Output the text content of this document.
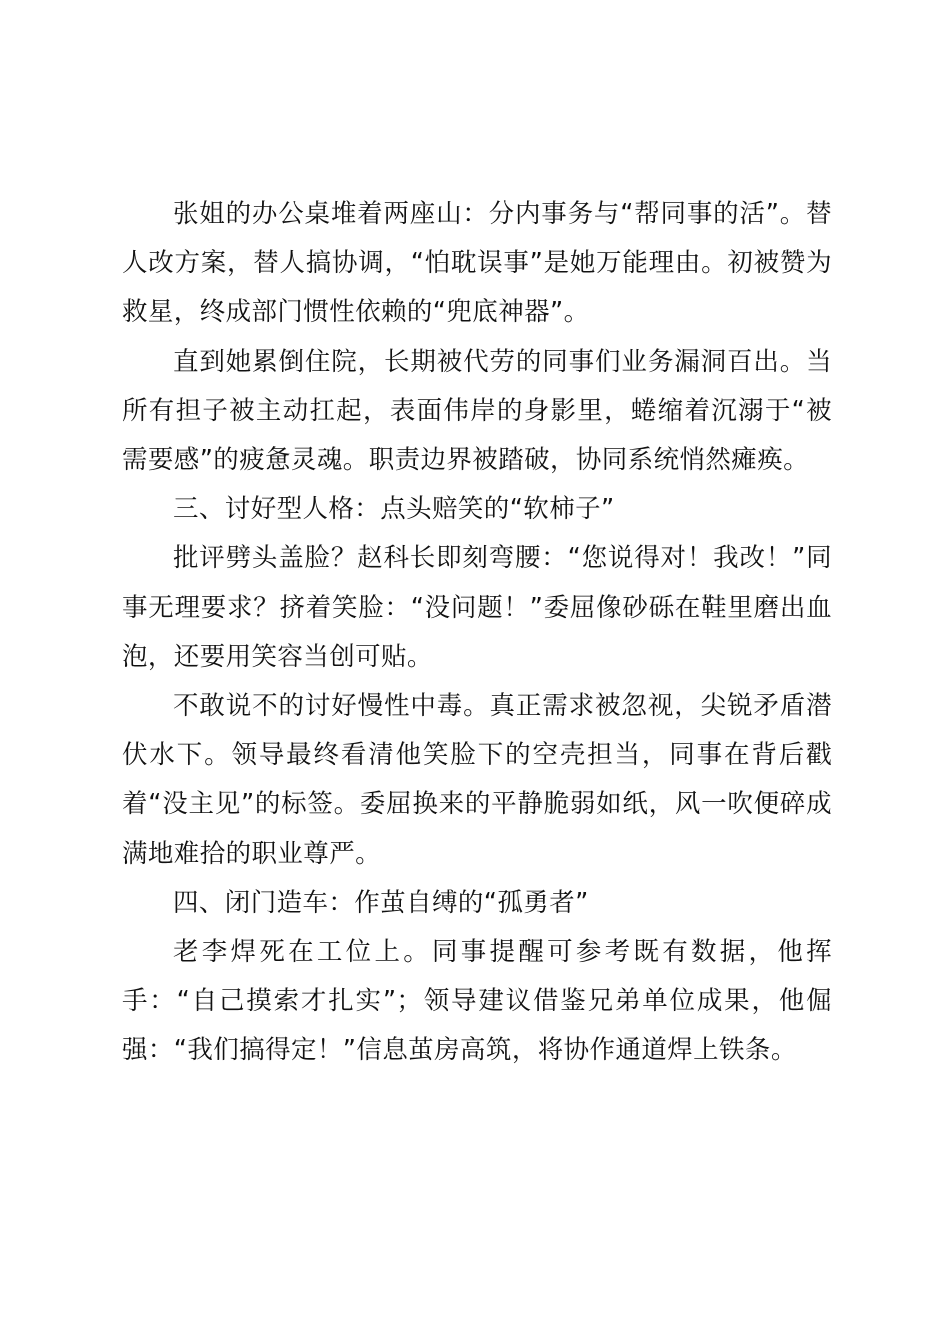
张姐的办公桌堆着两座山：分内事务与“帮同事的活”。替人改方案，替人搞协调，“怕耽误事”是她万能理由。初被赞为救星，终成部门惯性依赖的“兜底神器”。

直到她累倒住院，长期被代劳的同事们业务漏洞百出。当所有担子被主动扛起，表面伟岸的身影里，蜷缩着沉溺于“被需要感”的疲惫灵魂。职责边界被踏破，协同系统悄然瘫痪。

三、讨好型人格：点头赔笑的“软柿子”

批评劈头盖脸？赵科长即刻弯腰：“您说得对！我改！”同事无理要求？挤着笑脸：“没问题！”委屈像砂砾在鞋里磨出血泡，还要用笑容当创可贴。

不敢说不的讨好慢性中毒。真正需求被忽视，尖锐矛盾潜伏水下。领导最终看清他笑脸下的空壳担当，同事在背后戳着“没主见”的标签。委屈换来的平静脆弱如纸，风一吹便碎成满地难拾的职业尊严。

四、闭门造车：作茧自缚的“孤勇者”

老李焊死在工位上。同事提醒可参考既有数据，他挥手：“自己摸索才扎实”；领导建议借鉴兄弟单位成果，他倔强：“我们搞得定！”信息茧房高筑，将协作通道焊上铁条。
